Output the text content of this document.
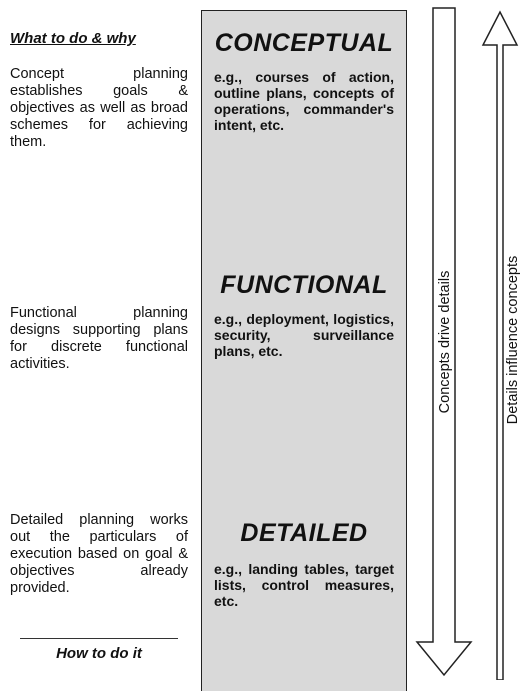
What to do & why
Concept planning establishes goals & objectives as well as broad schemes for achieving them.
Functional planning designs supporting plans for discrete functional activities.
Detailed planning works out the particulars of execution based on goal & objectives already provided.
How to do it
CONCEPTUAL
e.g., courses of action, outline plans, concepts of operations, commander's intent, etc.
FUNCTIONAL
e.g., deployment, logistics, security, surveillance plans, etc.
DETAILED
e.g., landing tables, target lists, control measures, etc.
Concepts drive details	Details influence concepts
